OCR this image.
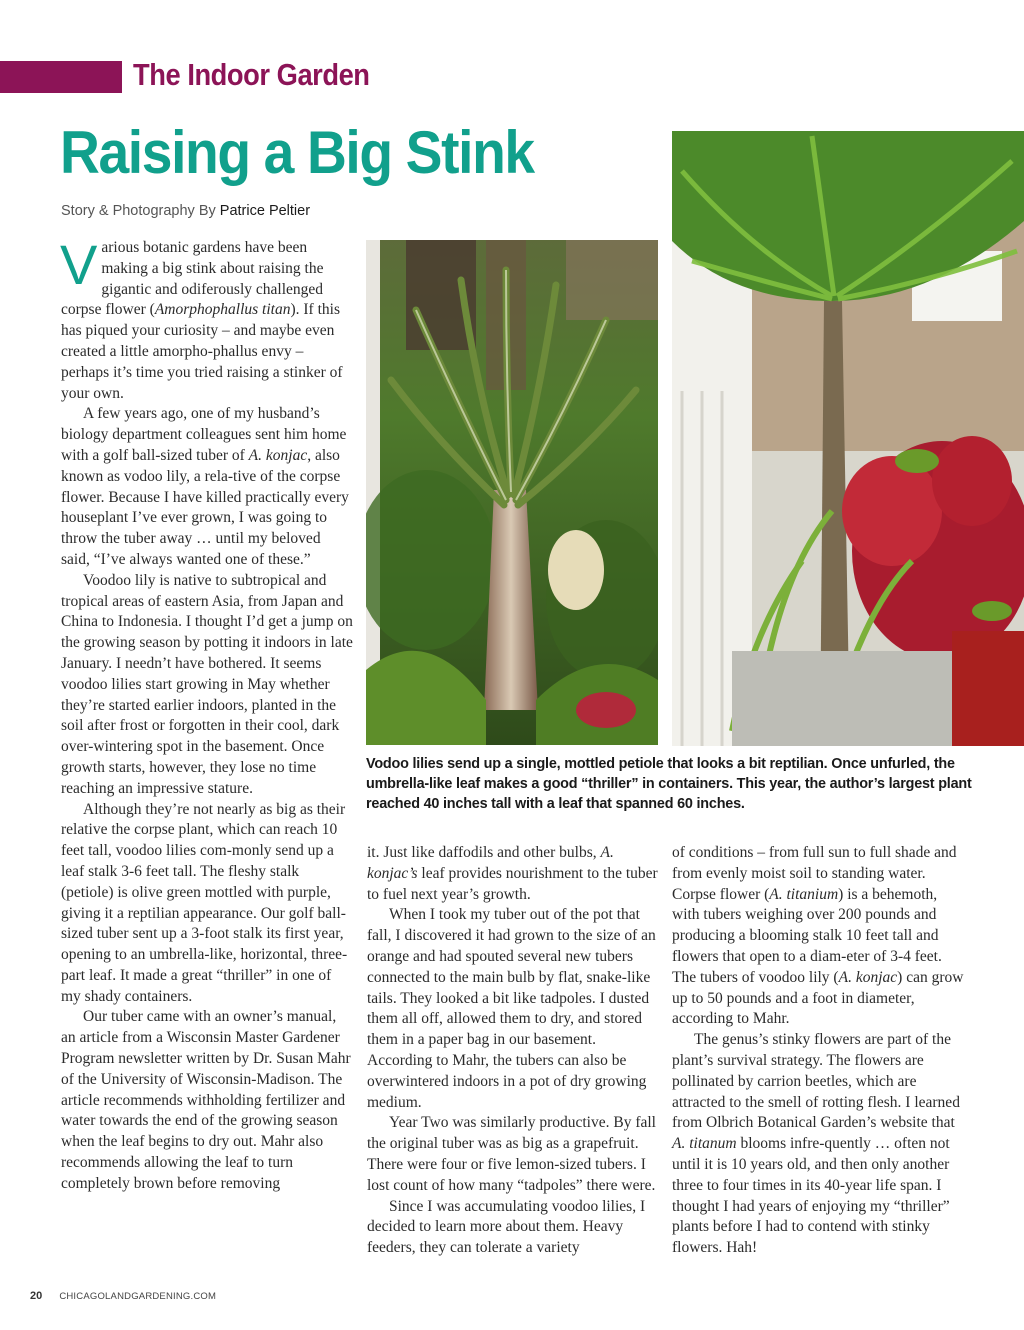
The Indoor Garden
Raising a Big Stink
Story & Photography By Patrice Peltier

Various botanic gardens have been making a big stink about raising the gigantic and odiferously challenged corpse flower (Amorphophallus titan). If this has piqued your curiosity – and maybe even created a little amorpho-phallus envy – perhaps it’s time you tried raising a stinker of your own.

A few years ago, one of my husband’s biology department colleagues sent him home with a golf ball-sized tuber of A. konjac, also known as vodoo lily, a rela-tive of the corpse flower. Because I have killed practically every houseplant I’ve ever grown, I was going to throw the tuber away … until my beloved said, “I’ve always wanted one of these.”

Voodoo lily is native to subtropical and tropical areas of eastern Asia, from Japan and China to Indonesia. I thought I’d get a jump on the growing season by potting it indoors in late January. I needn’t have bothered. It seems voodoo lilies start growing in May whether they’re started earlier indoors, planted in the soil after frost or forgotten in their cool, dark over-wintering spot in the basement. Once growth starts, however, they lose no time reaching an impressive stature.

Although they’re not nearly as big as their relative the corpse plant, which can reach 10 feet tall, voodoo lilies com-monly send up a leaf stalk 3-6 feet tall. The fleshy stalk (petiole) is olive green mottled with purple, giving it a reptilian appearance. Our golf ball-sized tuber sent up a 3-foot stalk its first year, opening to an umbrella-like, horizontal, three-part leaf. It made a great “thriller” in one of my shady containers.

Our tuber came with an owner’s manual, an article from a Wisconsin Master Gardener Program newsletter written by Dr. Susan Mahr of the University of Wisconsin-Madison. The article recommends withholding fertilizer and water towards the end of the growing season when the leaf begins to dry out. Mahr also recommends allowing the leaf to turn completely brown before removing

Vodoo lilies send up a single, mottled petiole that looks a bit reptilian. Once unfurled, the umbrella-like leaf makes a good “thriller” in containers. This year, the author’s largest plant reached 40 inches tall with a leaf that spanned 60 inches.

it. Just like daffodils and other bulbs, A. konjac’s leaf provides nourishment to the tuber to fuel next year’s growth.

When I took my tuber out of the pot that fall, I discovered it had grown to the size of an orange and had spouted several new tubers connected to the main bulb by flat, snake-like tails. They looked a bit like tadpoles. I dusted them all off, allowed them to dry, and stored them in a paper bag in our basement. According to Mahr, the tubers can also be overwintered indoors in a pot of dry growing medium.

Year Two was similarly productive. By fall the original tuber was as big as a grapefruit. There were four or five lemon-sized tubers. I lost count of how many “tadpoles” there were.

Since I was accumulating voodoo lilies, I decided to learn more about them. Heavy feeders, they can tolerate a variety

of conditions – from full sun to full shade and from evenly moist soil to standing water. Corpse flower (A. titanium) is a behemoth, with tubers weighing over 200 pounds and producing a blooming stalk 10 feet tall and flowers that open to a diam-eter of 3-4 feet. The tubers of voodoo lily (A. konjac) can grow up to 50 pounds and a foot in diameter, according to Mahr.

The genus’s stinky flowers are part of the plant’s survival strategy. The flowers are pollinated by carrion beetles, which are attracted to the smell of rotting flesh. I learned from Olbrich Botanical Garden’s website that A. titanum blooms infre-quently … often not until it is 10 years old, and then only another three to four times in its 40-year life span. I thought I had years of enjoying my “thriller” plants before I had to contend with stinky flowers. Hah!

20 CHICAGOLANDGARDENING.COM
